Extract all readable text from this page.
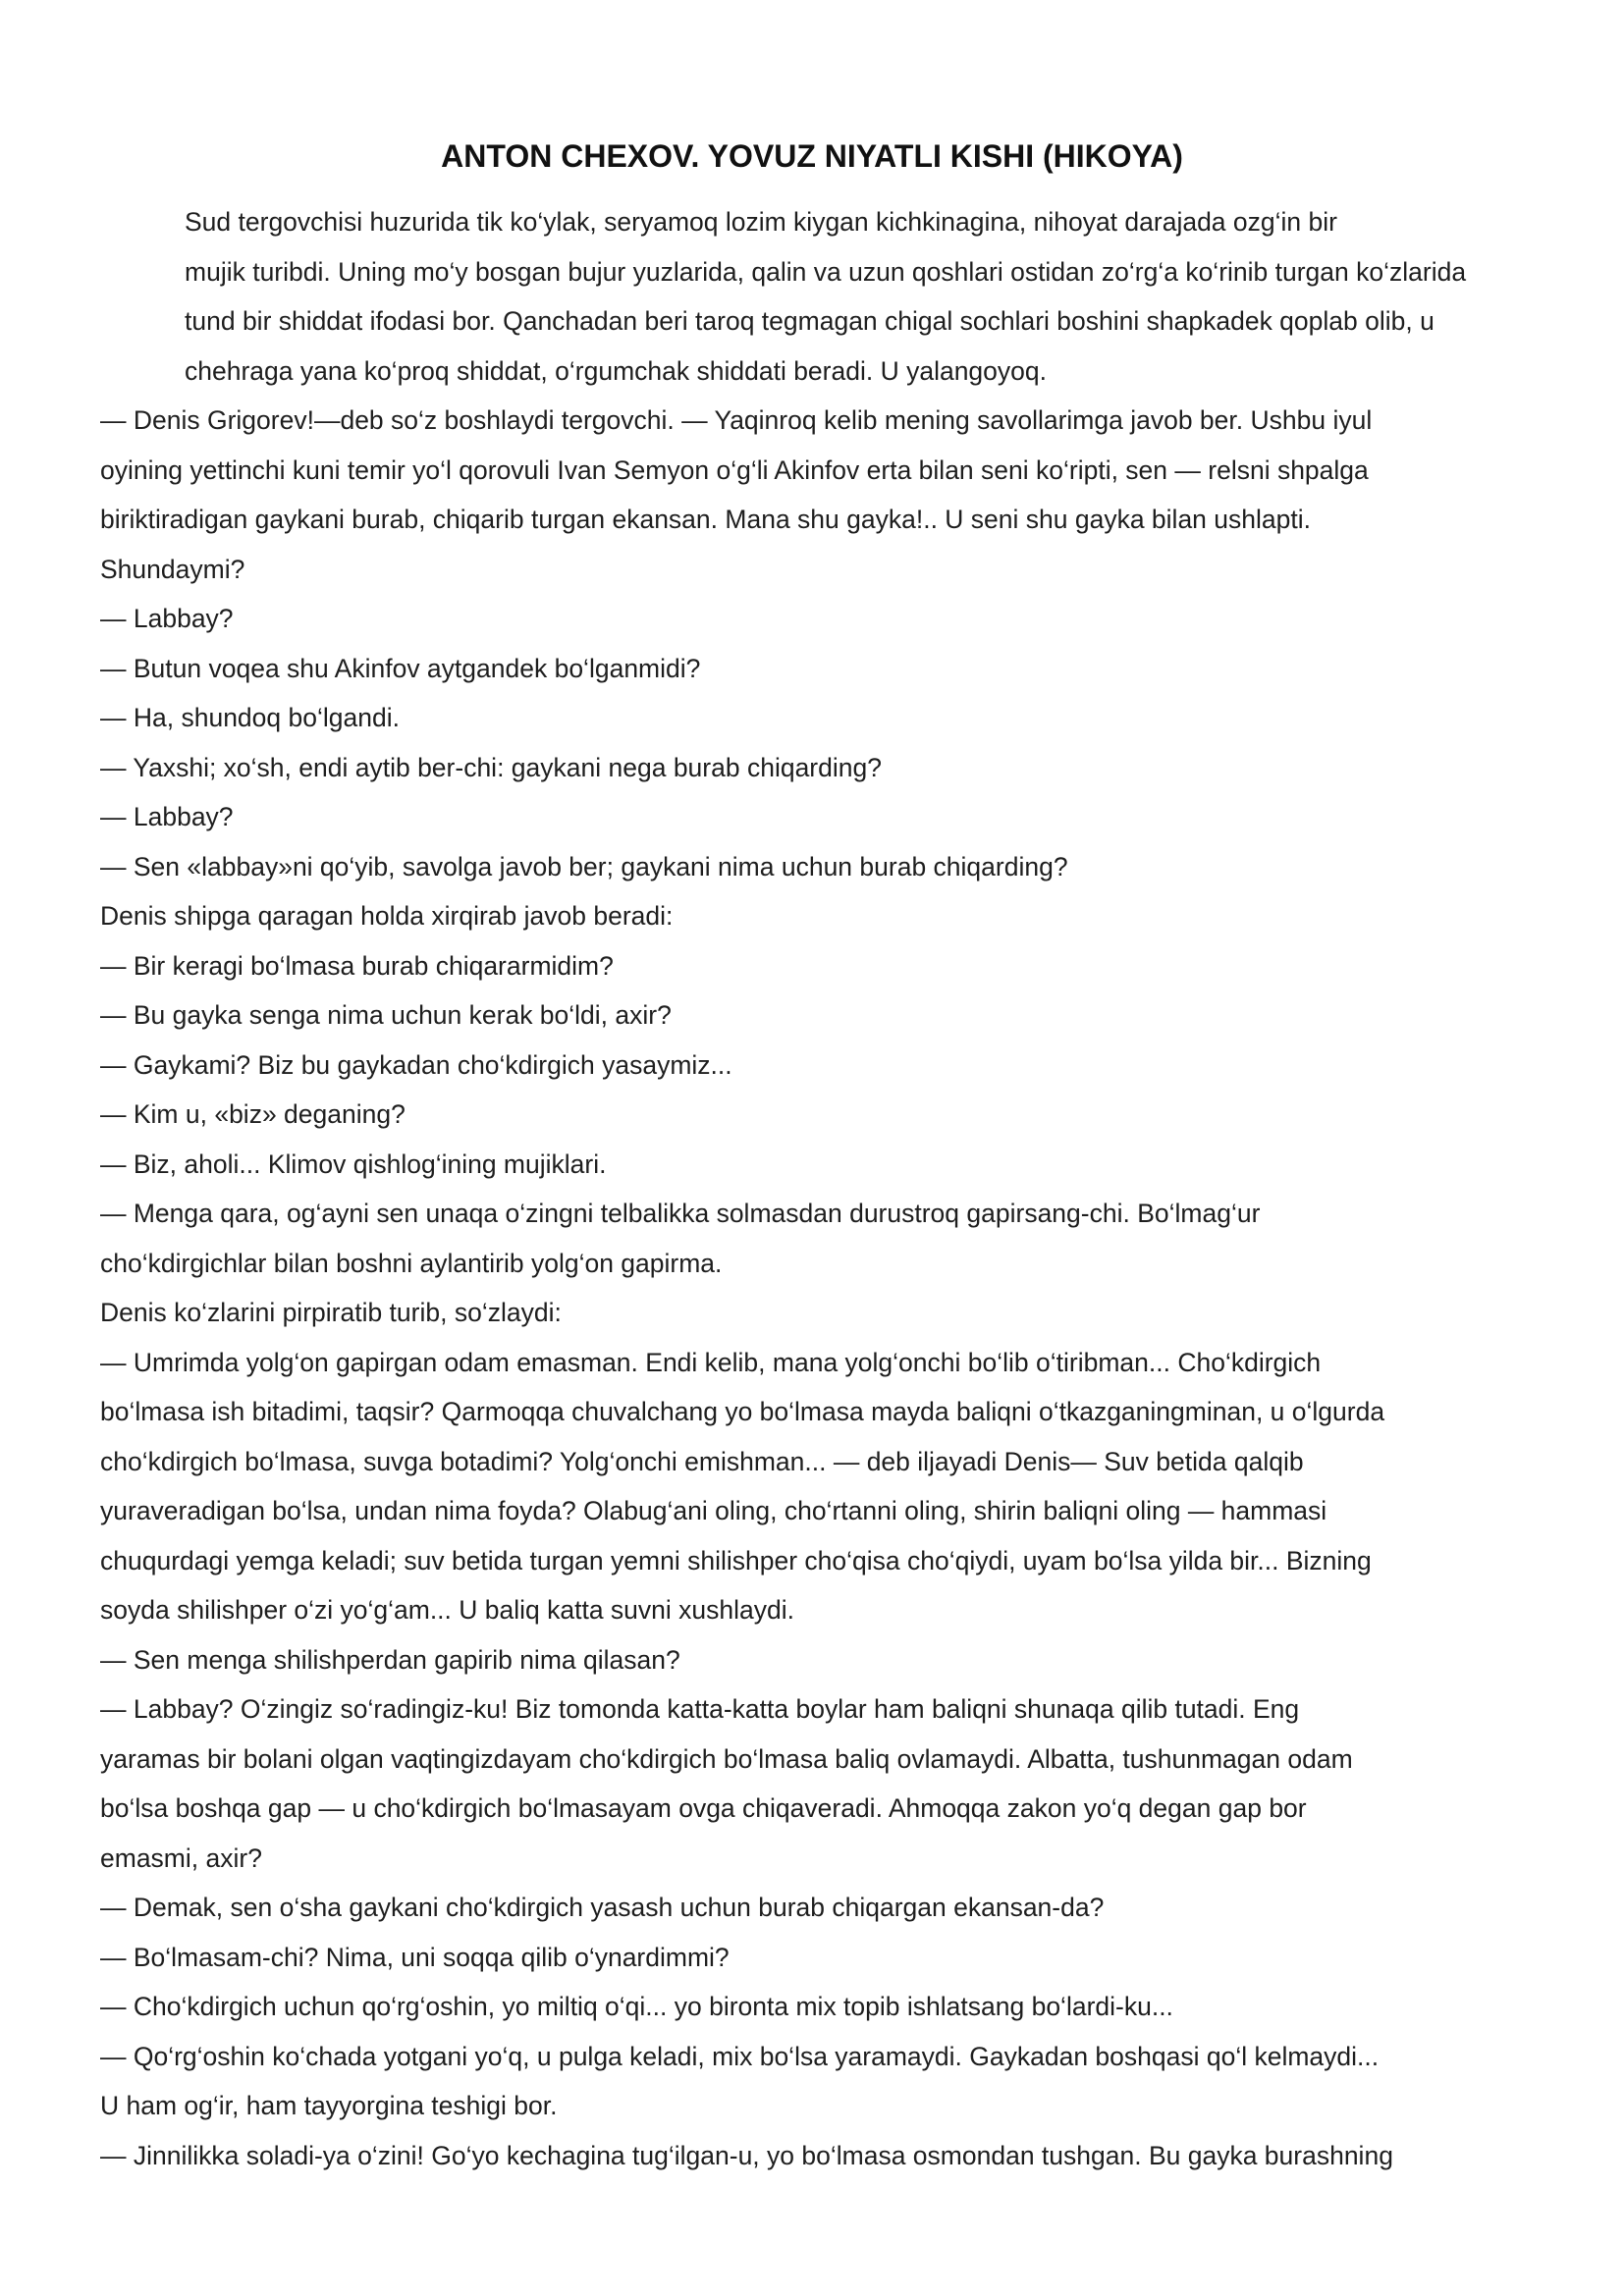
ANTON CHEXOV. YOVUZ NIYATLI KISHI (HIKOYA)

Sud tergovchisi huzurida tik ko‘ylak, seryamoq lozim kiygan kichkinagina, nihoyat darajada ozg‘in bir
mujik turibdi. Uning mo‘y bosgan bujur yuzlarida, qalin va uzun qoshlari ostidan zo‘rg‘a ko‘rinib turgan ko‘zlarida
tund bir shiddat ifodasi bor. Qanchadan beri taroq tegmagan chigal sochlari boshini shapkadek qoplab olib, u
chehraga yana ko‘proq shiddat, o‘rgumchak shiddati beradi. U yalangoyoq.

— Denis Grigorev!—deb so‘z boshlaydi tergovchi. — Yaqinroq kelib mening savollarimga javob ber. Ushbu iyul
oyining yettinchi kuni temir yo‘l qorovuli Ivan Semyon o‘g‘li Akinfov erta bilan seni ko‘ripti, sen — relsni shpalga
biriktiradigan gaykani burab, chiqarib turgan ekansan. Mana shu gayka!.. U seni shu gayka bilan ushlapti.
Shundaymi?

— Labbay?

— Butun voqea shu Akinfov aytgandek bo‘lganmidi?

— Ha, shundoq bo‘lgandi.

— Yaxshi; xo‘sh, endi aytib ber-chi: gaykani nega burab chiqarding?

— Labbay?

— Sen «labbay»ni qo‘yib, savolga javob ber; gaykani nima uchun burab chiqarding?

Denis shipga qaragan holda xirqirab javob beradi:

— Bir keragi bo‘lmasa burab chiqararmidim?

— Bu gayka senga nima uchun kerak bo‘ldi, axir?

— Gaykami? Biz bu gaykadan cho‘kdirgich yasaymiz...

— Kim u, «biz» deganing?

— Biz, aholi... Klimov qishlog‘ining mujiklari.

— Menga qara, og‘ayni sen unaqa o‘zingni telbalikka solmasdan durustroq gapirsang-chi. Bo‘lmag‘ur
cho‘kdirgichlar bilan boshni aylantirib yolg‘on gapirma.

Denis ko‘zlarini pirpiratib turib, so‘zlaydi:

— Umrimda yolg‘on gapirgan odam emasman. Endi kelib, mana yolg‘onchi bo‘lib o‘tiribman... Cho‘kdirgich
bo‘lmasa ish bitadimi, taqsir? Qarmoqqa chuvalchang yo bo‘lmasa mayda baliqni o‘tkazganingminan, u o‘lgurda
cho‘kdirgich bo‘lmasa, suvga botadimi? Yolg‘onchi emishman... — deb iljayadi Denis— Suv betida qalqib
yuraveradigan bo‘lsa, undan nima foyda? Olabug‘ani oling, cho‘rtanni oling, shirin baliqni oling — hammasi
chuqurdagi yemga keladi; suv betida turgan yemni shilishper cho‘qisa cho‘qiydi, uyam bo‘lsa yilda bir... Bizning
soyda shilishper o‘zi yo‘g‘am... U baliq katta suvni xushlaydi.

— Sen menga shilishperdan gapirib nima qilasan?

— Labbay? O‘zingiz so‘radingiz-ku! Biz tomonda katta-katta boylar ham baliqni shunaqa qilib tutadi. Eng
yaramas bir bolani olgan vaqtingizdayam cho‘kdirgich bo‘lmasa baliq ovlamaydi. Albatta, tushunmagan odam
bo‘lsa boshqa gap — u cho‘kdirgich bo‘lmasayam ovga chiqaveradi. Ahmoqqa zakon yo‘q degan gap bor
emasmi, axir?

— Demak, sen o‘sha gaykani cho‘kdirgich yasash uchun burab chiqargan ekansan-da?

— Bo‘lmasam-chi? Nima, uni soqqa qilib o‘ynardimmi?

— Cho‘kdirgich uchun qo‘rg‘oshin, yo miltiq o‘qi... yo bironta mix topib ishlatsang bo‘lardi-ku...

— Qo‘rg‘oshin ko‘chada yotgani yo‘q, u pulga keladi, mix bo‘lsa yaramaydi. Gaykadan boshqasi qo‘l kelmaydi...
U ham og‘ir, ham tayyorgina teshigi bor.

— Jinnilikka soladi-ya o‘zini! Go‘yo kechagina tug‘ilgan-u, yo bo‘lmasa osmondan tushgan. Bu gayka burashning
